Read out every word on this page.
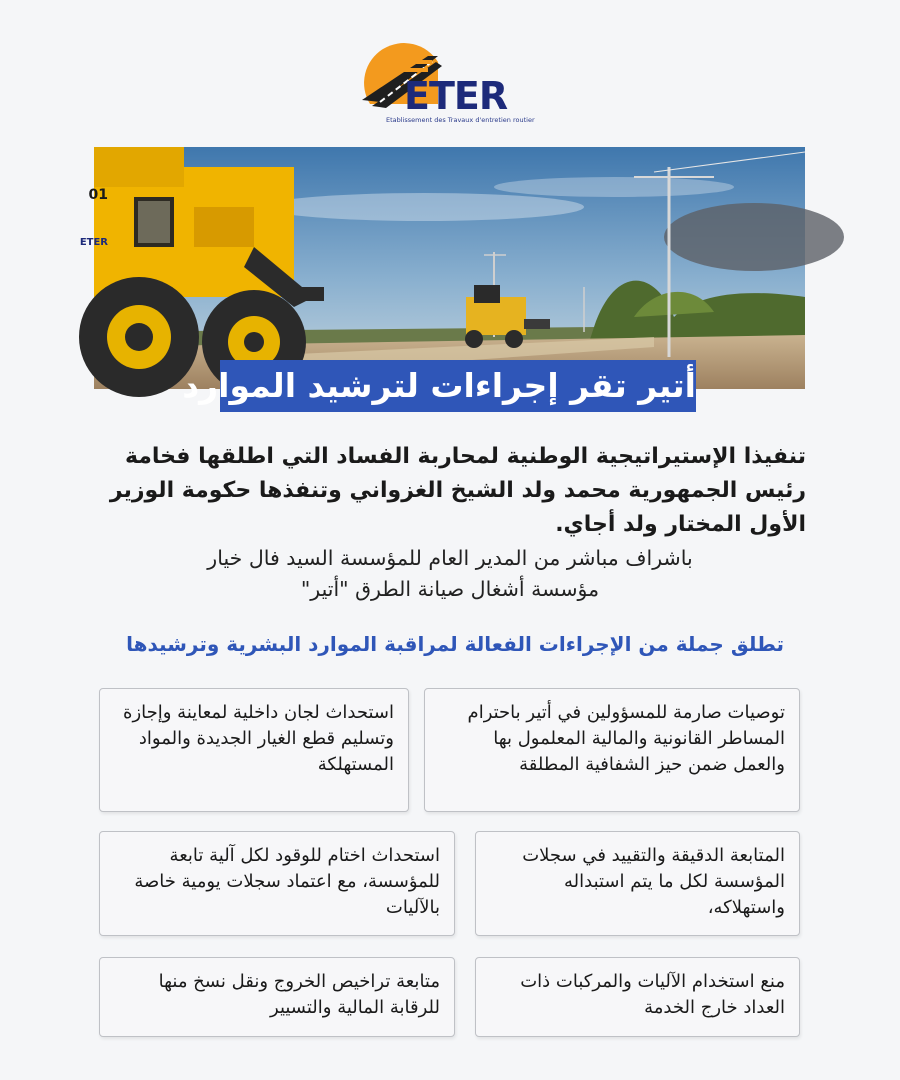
ETER
Etablissement des Travaux d'entretien routier
01
ETER
أتير تقر إجراءات لترشيد الموارد
تنفيذا الإستيراتيجية الوطنية لمحاربة الفساد التي اطلقها فخامة رئيس الجمهورية محمد ولد الشيخ الغزواني وتنفذها حكومة الوزير الأول المختار ولد أجاي.
باشراف مباشر من المدير العام للمؤسسة السيد فال خيار
مؤسسة أشغال صيانة الطرق "أتير"
تطلق جملة من الإجراءات الفعالة لمراقبة الموارد البشرية وترشيدها
توصيات صارمة للمسؤولين في أتير باحترام المساطر القانونية والمالية المعلمول بها والعمل ضمن حيز الشفافية المطلقة
استحداث لجان داخلية لمعاينة وإجازة وتسليم قطع الغيار الجديدة والمواد المستهلكة
المتابعة الدقيقة والتقييد في سجلات المؤسسة لكل ما يتم استبداله واستهلاكه،
استحداث اختام للوقود لكل آلية تابعة للمؤسسة، مع اعتماد سجلات يومية خاصة بالآليات
منع استخدام الآليات والمركبات ذات العداد خارج الخدمة
متابعة تراخيص الخروج ونقل نسخ منها للرقابة المالية والتسيير
